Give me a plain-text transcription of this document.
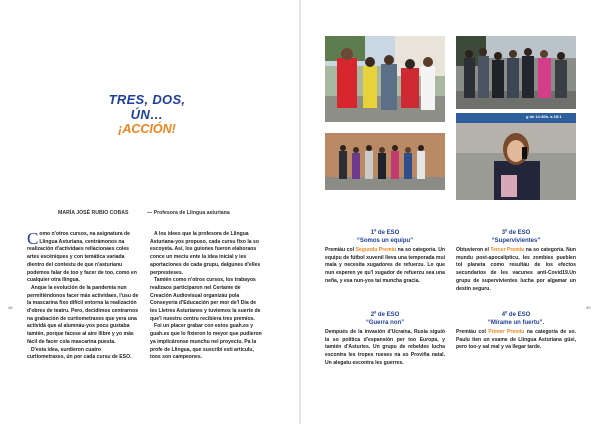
TRES, DOS, ÚN…
¡ACCIÓN!
MARÍA JOSÉ RUBIO COBAS	— Profesora de Llingua asturiana

C omo n'otros cursos, na asignatura de Llingua Asturiana, centrámonos na realización d'actividaes rellacionaes coles artes escéniques y con temática variada dientro del contestu de que n'asturianu podemos falar de too y facer de too, como en cualquier otra llingua.

Anque la evolución de la pandemia nun permitiéndonos facer más actividaes, l'usu de la mascarina fixo difícil entorna la realización d'obres de teatru. Pero, decidimos centrarnos na grabación de curtiometraxes que yera una actividá que al alumnáu-yos pocu gustaba tamién, porque facese al aire llibre y yo más fácil de facer cola mascarina puesta.

D'esta idea, surdieron cuatro curtiometraxes, ún por cada cursu de ESO.

A los idees que la profesora de Llingua Asturiana-yos propuso, cada cursu fixo la so escoyeta. Así, los guiones fueron elaboraos conce un meciu ente la idea inicial y les aportaciones de cada grupu, dalgunes d'elles perpresteses.

Tamién como n'otros cursos, los trabayos realizaos participaron nel Certame de Creación Audiovisual organizáu pola Conseyería d'Educación per mor de'l Día de les Lletres Asturianes y tuviemos la suerte de que'l nuestru centru recibiera tres premios.

Foi un placer grabar con estos guah.es y guah.es que lo fixieron lo meyor que pudieron ya implicáronse munchu nel proyectu. Pa la profe de Llingua, que suscribi esti artículu, toos son campeones.

48	49
g de 14:30h. a 15:1
1º de ESO
“Somos un equipu”
Premiáu col Segundu Premiu na so categoría. Un equipu de fútbol xuvenil lleva una temporada mui mala y necesita xugadores de refuerzu. Lo que nun esperen ye qu'l xugador de refuerzu sea una neña, y esa nun-yos tai muncha gracia.
3º de ESO
“Supervivientes”
Obtuvieron el Tercer Premiu na so categoría. Nun mundu post-apocalípticu, les zombies pueblen tol planeta como resultáu de los efectos secundarios de les vacunes anti-Covid19.Un grupu de supervivientes lucha por algamar un destín seguru.
2º de ESO
“Guerra non”
Dempués de la invasión d'Ucraína, Rusia siguió la so política d'espansión per too Europa, y tamién d'Asturies. Un grupu de rebeldes lucha escontra les tropes rueses na so Proviña natal. Un alegatu escontra les guerres.
4º de ESO
“Mírame un fuertu”.
Premiáu col Primer Premiu na categoría de so. Paulu tien un exame de Llingua Asturiana güei, pero too-y sal mal y va llegar tarde.
